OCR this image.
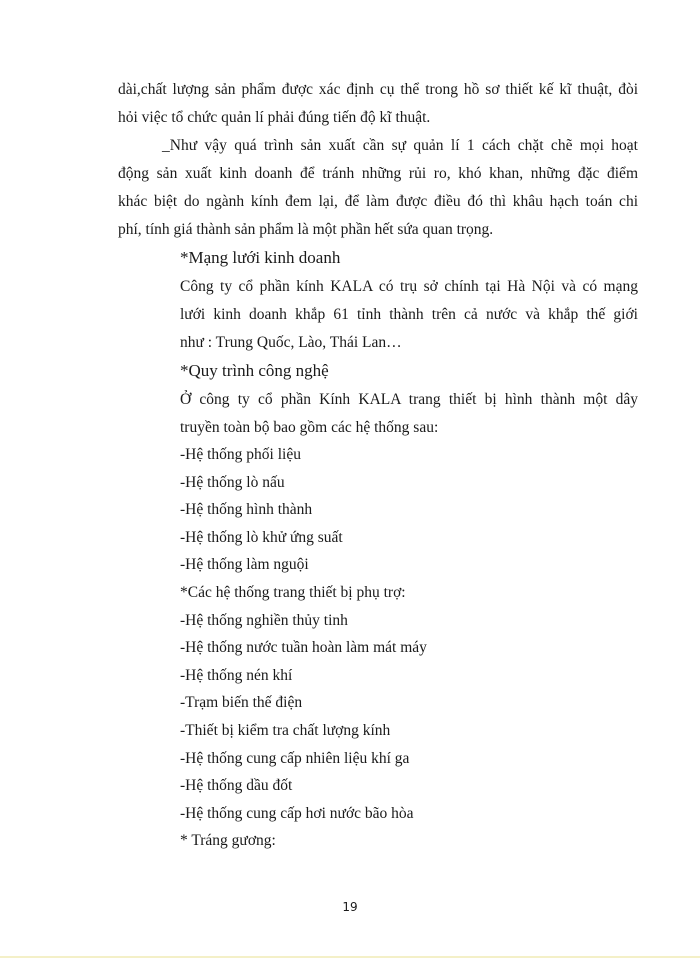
dài,chất lượng sản phẩm được xác định cụ thể trong hồ sơ thiết kế kĩ thuật, đòi

hỏi việc tổ chức quản lí phải đúng tiến độ kĩ thuật.

_Như vậy quá trình sản xuất cần sự quản lí 1 cách chặt chẽ mọi hoạt

động sản xuất kinh doanh để tránh những rủi ro, khó khan, những đặc điểm

khác biệt do ngành kính đem lại, để làm được điều đó thì khâu hạch toán chi

phí, tính giá thành sản phẩm là một phần hết sứa quan trọng.

*Mạng lưới kinh doanh

Công ty cổ phần kính KALA có trụ sở chính tại Hà Nội và có mạng

lưới kinh doanh khắp 61 tỉnh thành trên cả nước và khắp thế giới

như : Trung Quốc, Lào, Thái Lan…

*Quy trình công nghệ

Ở công ty cổ phần Kính KALA trang thiết bị hình thành một dây

truyền toàn bộ bao gồm các hệ thống sau:

-Hệ thống phối liệu
-Hệ thống lò nấu
-Hệ thống hình thành
-Hệ thống lò khử ứng suất
-Hệ thống làm nguội
*Các hệ thống trang thiết bị phụ trợ:
-Hệ thống nghiền thủy tinh
-Hệ thống nước tuần hoàn làm mát máy
-Hệ thống nén khí
-Trạm biến thế điện
-Thiết bị kiểm tra chất lượng kính
-Hệ thống cung cấp nhiên liệu khí ga
-Hệ thống dầu đốt
-Hệ thống cung cấp hơi nước bão hòa
* Tráng gương:
19
